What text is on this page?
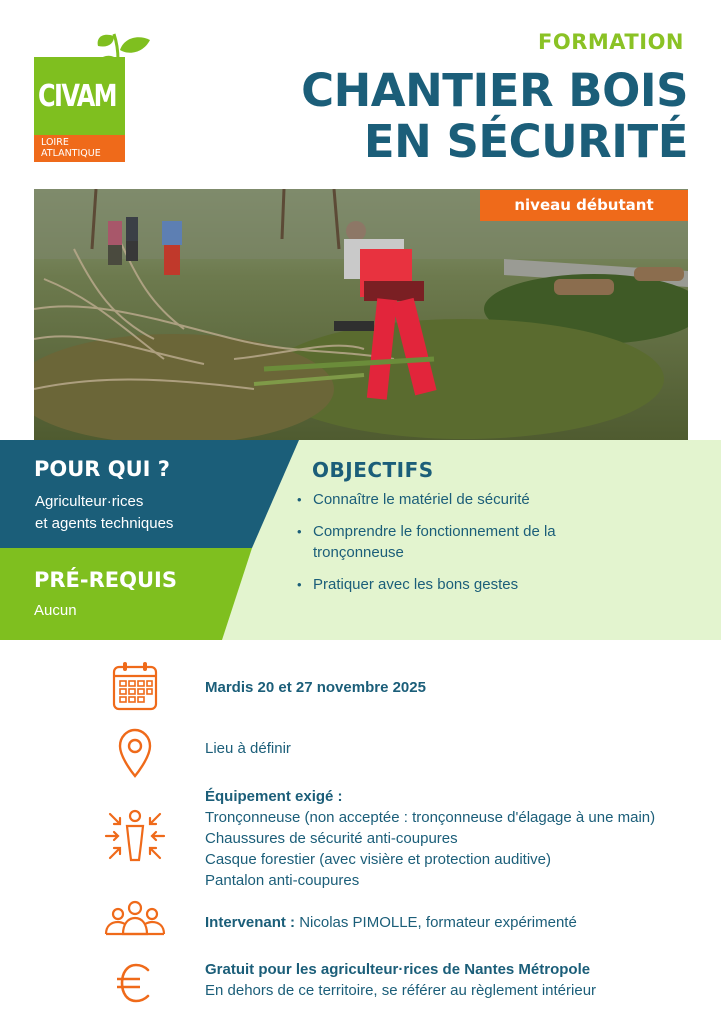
CIVAM
LOIRE
ATLANTIQUE
FORMATION
CHANTIER BOIS
EN SÉCURITÉ
niveau débutant
POUR QUI ?
Agriculteur·rices
et agents techniques
PRÉ-REQUIS
Aucun
OBJECTIFS
• Connaître le matériel de sécurité
• Comprendre le fonctionnement de la tronçonneuse
• Pratiquer avec les bons gestes
Mardis 20 et 27 novembre 2025
Lieu à définir
Équipement exigé :
Tronçonneuse (non acceptée : tronçonneuse d'élagage à une main)
Chaussures de sécurité anti-coupures
Casque forestier (avec visière et protection auditive)
Pantalon anti-coupures
Intervenant : Nicolas PIMOLLE, formateur expérimenté
Gratuit pour les agriculteur·rices de Nantes Métropole
En dehors de ce territoire, se référer au règlement intérieur
